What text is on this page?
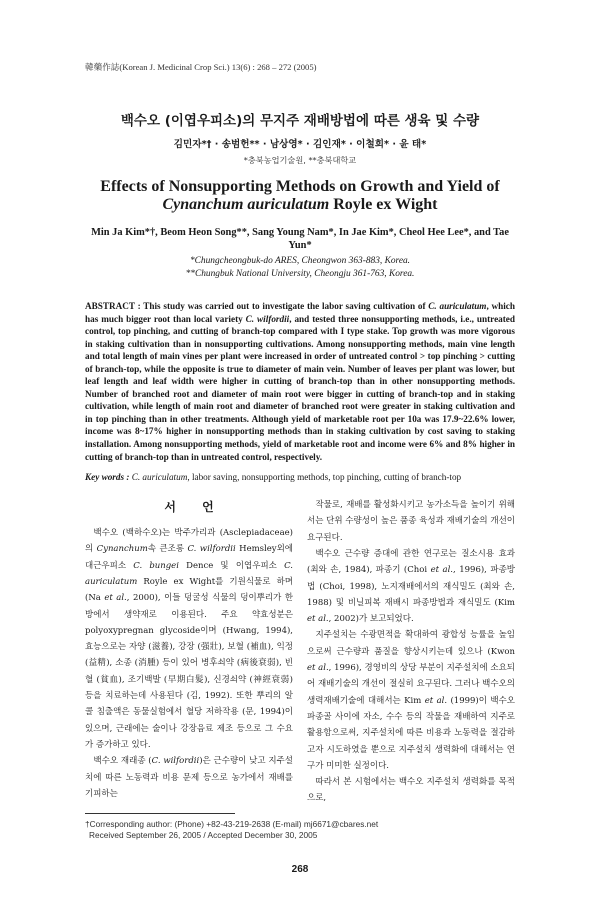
韓藥作誌(Korean J. Medicinal Crop Sci.) 13(6) : 268 – 272 (2005)
백수오 (이엽우피소)의 무지주 재배방법에 따른 생육 및 수량
김민자*† · 송범헌** · 남상영* · 김인재* · 이철희* · 윤 태*
*충북농업기술원, **충북대학교
Effects of Nonsupporting Methods on Growth and Yield of
Cynanchum auriculatum Royle ex Wight
Min Ja Kim*†, Beom Heon Song**, Sang Young Nam*, In Jae Kim*, Cheol Hee Lee*, and Tae Yun*
*Chungcheongbuk-do ARES, Cheongwon 363-883, Korea.
**Chungbuk National University, Cheongju 361-763, Korea.
ABSTRACT : This study was carried out to investigate the labor saving cultivation of C. auriculatum, which has much bigger root than local variety C. wilfordii, and tested three nonsupporting methods, i.e., untreated control, top pinching, and cutting of branch-top compared with I type stake. Top growth was more vigorous in staking cultivation than in nonsupporting cultivations. Among nonsupporting methods, main vine length and total length of main vines per plant were increased in order of untreated control > top pinching > cutting of branch-top, while the opposite is true to diameter of main vein. Number of leaves per plant was lower, but leaf length and leaf width were higher in cutting of branch-top than in other nonsupporting methods. Number of branched root and diameter of main root were bigger in cutting of branch-top and in staking cultivation, while length of main root and diameter of branched root were greater in staking cultivation and in top pinching than in other treatments. Although yield of marketable root per 10a was 17.9~22.6% lower, income was 8~17% higher in nonsupporting methods than in staking cultivation by cost saving to staking installation. Among nonsupporting methods, yield of marketable root and income were 6% and 8% higher in cutting of branch-top than in untreated control, respectively.
Key words : C. auriculatum, labor saving, nonsupporting methods, top pinching, cutting of branch-top
서 언

백수오 (백하수오)는 박주가리과 (Asclepiadaceae)의 Cynanchum속 큰조롱 C. wilfordii Hemsley외에 대근우피소 C. bungei Dence 및 이엽우피소 C. auriculatum Royle ex Wight를 기원식물로 하며 (Na et al., 2000), 이들 덩굴성 식물의 덩이뿌리가 한방에서 생약재로 이용된다. 주요 약효성분은 polyoxypregnan glycoside이며 (Hwang, 1994), 효능으로는 자양 (滋養), 강장 (强壯), 보혈 (補血), 익정 (益精), 소종 (消腫) 등이 있어 병후쇠약 (病後衰弱), 빈혈 (貧血), 조기백발 (早期白髮), 신경쇠약 (神經衰弱) 등을 치료하는데 사용된다 (김, 1992). 또한 뿌리의 알콜 침출액은 동물실험에서 혈당 저하작용 (문, 1994)이 있으며, 근래에는 술이나 강장음료 제조 등으로 그 수요가 증가하고 있다.

백수오 재래종 (C. wilfordii)은 근수량이 낮고 지주설치에 따른 노동력과 비용 문제 등으로 농가에서 재배를 기피하는

작물로, 재배를 활성화시키고 농가소득을 높이기 위해서는 단위 수량성이 높은 품종 육성과 재배기술의 개선이 요구된다.

백수오 근수량 증대에 관한 연구로는 질소시용 효과 (최와 손, 1984), 파종기 (Choi et al., 1996), 파종방법 (Choi, 1998), 노지재배에서의 재식밀도 (최와 손, 1988) 및 비닐피복 재배시 파종방법과 재식밀도 (Kim et al., 2002)가 보고되었다.

지주설치는 수광면적을 확대하여 광합성 능률을 높임으로써 근수량과 품질을 향상시키는데 있으나 (Kwon et al., 1996), 경영비의 상당 부분이 지주설치에 소요되어 재배기술의 개선이 절실히 요구된다. 그러나 백수오의 생력재배기술에 대해서는 Kim et al. (1999)이 백수오 파종골 사이에 자소, 수수 등의 작물을 재배하여 지주로 활용함으로써, 지주설치에 따른 비용과 노동력을 절감하고자 시도하였을 뿐으로 지주설치 생력화에 대해서는 연구가 미미한 실정이다.

따라서 본 시험에서는 백수오 지주설치 생력화를 목적으로,

†Corresponding author: (Phone) +82-43-219-2638 (E-mail) mj6671@cbares.net
Received September 26, 2005 / Accepted December 30, 2005
268
